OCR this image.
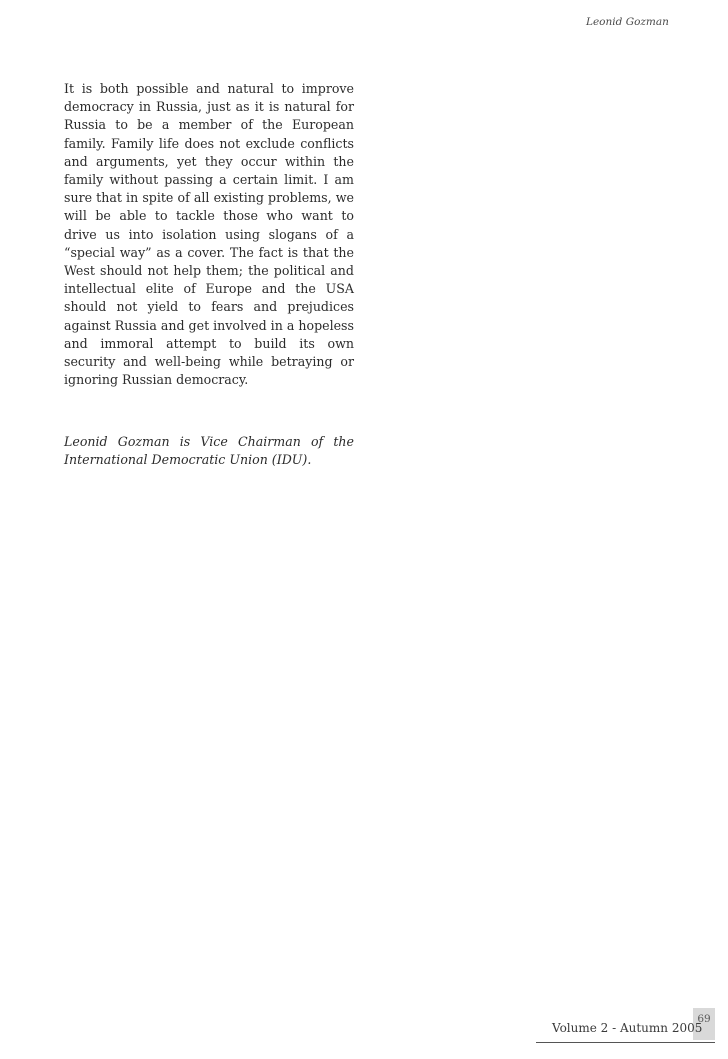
Leonid Gozman

It is both possible and natural to improve democracy in Russia, just as it is natural for Russia to be a member of the European family. Family life does not exclude conflicts and arguments, yet they occur within the family without passing a certain limit. I am sure that in spite of all existing problems, we will be able to tackle those who want to drive us into isolation using slogans of a “special way” as a cover. The fact is that the West should not help them; the political and intellectual elite of Europe and the USA should not yield to fears and prejudices against Russia and get involved in a hopeless and immoral attempt to build its own security and well-being while betraying or ignoring Russian democracy.

Leonid Gozman is Vice Chairman of the International Democratic Union (IDU).

69
Volume 2 - Autumn 2005
